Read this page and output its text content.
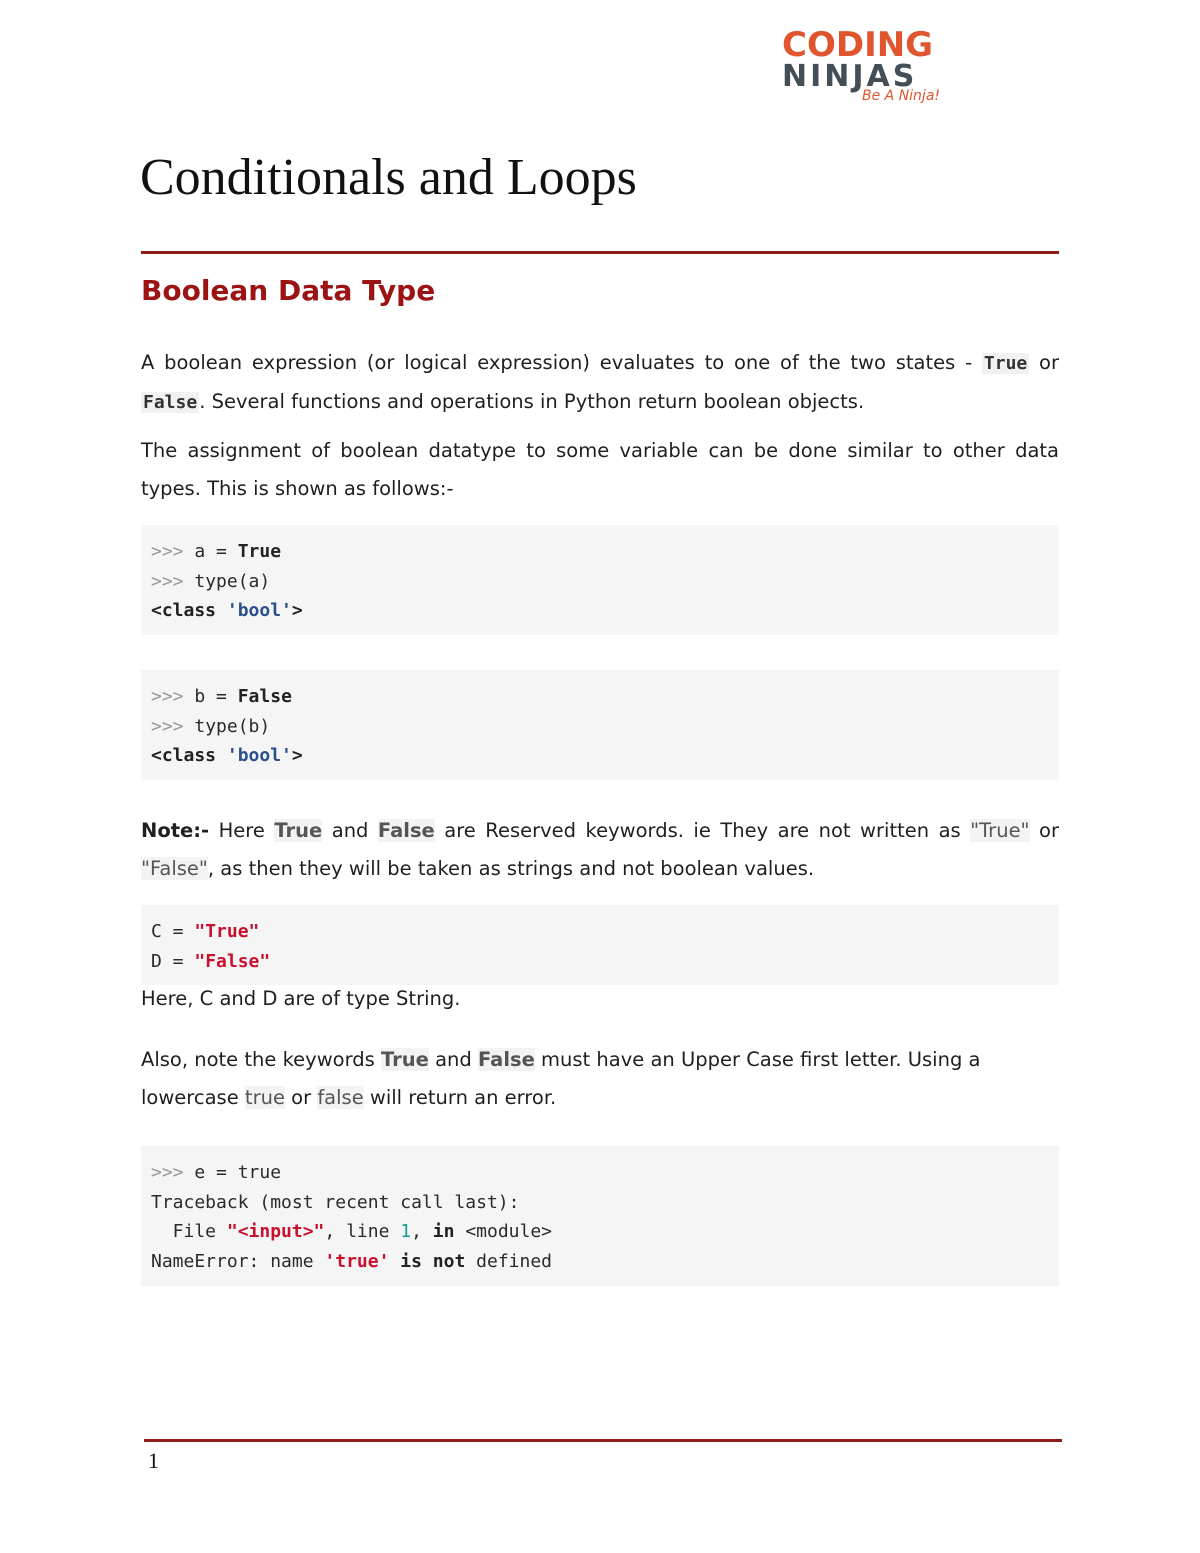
CODING
NINJAS
Be A Ninja!
Conditionals and Loops
Boolean Data Type

A boolean expression (or logical expression) evaluates to one of the two states - True or False . Several functions and operations in Python return boolean objects.

The assignment of boolean datatype to some variable can be done similar to other data types. This is shown as follows:-

>>> a = True
>>> type(a)
<class 'bool'>
>>> b = False
>>> type(b)
<class 'bool'>

Note:- Here True and False are Reserved keywords. ie They are not written as "True" or "False", as then they will be taken as strings and not boolean values.

C = "True"
D = "False"

Here, C and D are of type String.

Also, note the keywords True and False must have an Upper Case first letter. Using a lowercase true or false will return an error.

>>> e = true
Traceback (most recent call last):
File "<input>", line 1, in <module>
NameError: name 'true' is not defined
1
